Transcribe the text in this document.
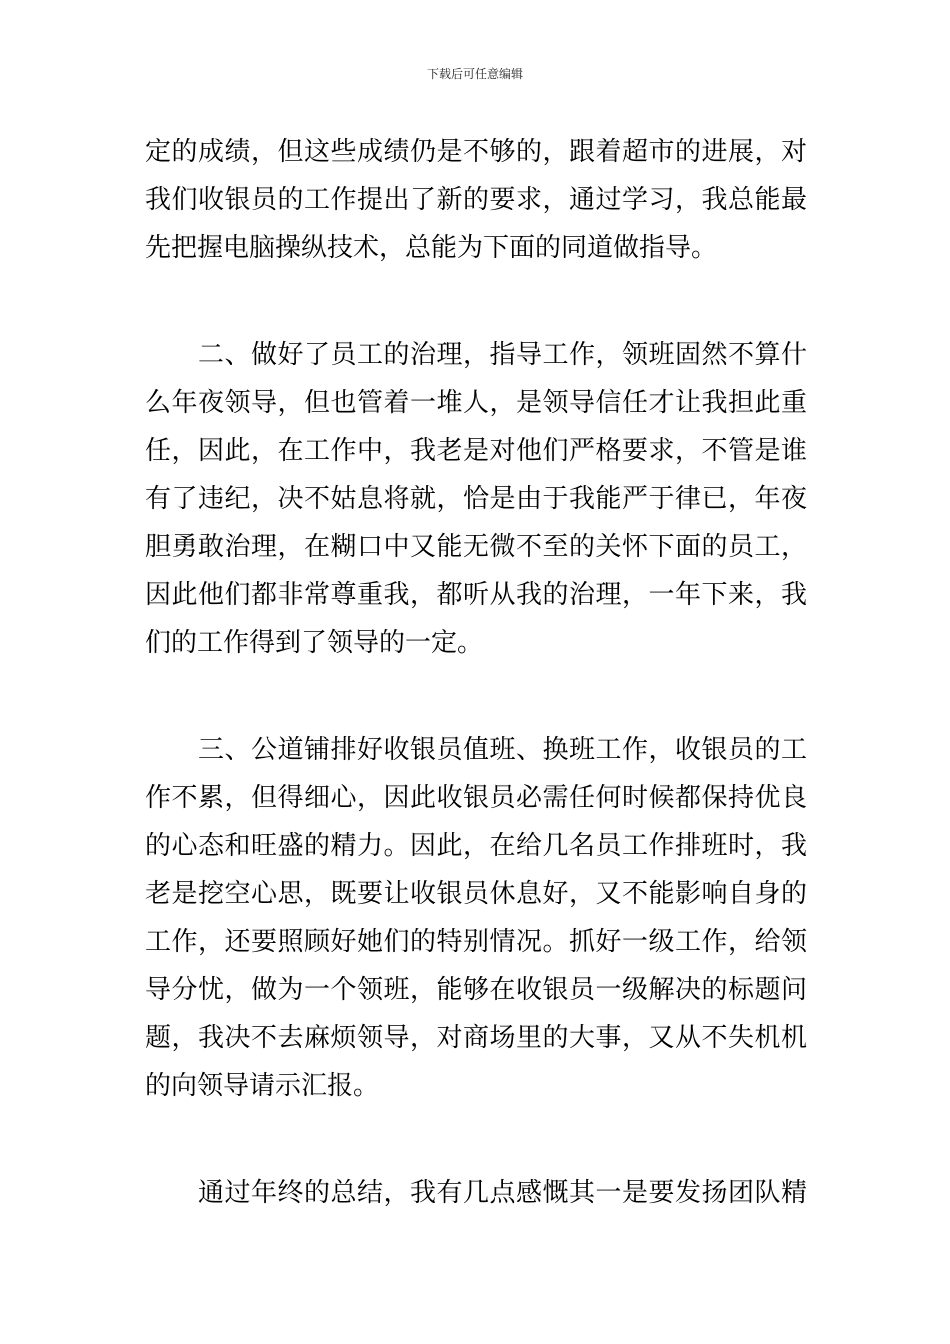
下载后可任意编辑
定的成绩，但这些成绩仍是不够的，跟着超市的进展，对
我们收银员的工作提出了新的要求，通过学习，我总能最
先把握电脑操纵技术，总能为下面的同道做指导。
二、做好了员工的治理，指导工作，领班固然不算什
么年夜领导，但也管着一堆人，是领导信任才让我担此重
任，因此，在工作中，我老是对他们严格要求，不管是谁
有了违纪，决不姑息将就，恰是由于我能严于律已，年夜
胆勇敢治理，在糊口中又能无微不至的关怀下面的员工，
因此他们都非常尊重我，都听从我的治理，一年下来，我
们的工作得到了领导的一定。
三、公道铺排好收银员值班、换班工作，收银员的工
作不累，但得细心，因此收银员必需任何时候都保持优良
的心态和旺盛的精力。因此，在给几名员工作排班时，我
老是挖空心思，既要让收银员休息好，又不能影响自身的
工作，还要照顾好她们的特别情况。抓好一级工作，给领
导分忧，做为一个领班，能够在收银员一级解决的标题问
题，我决不去麻烦领导，对商场里的大事，又从不失机机
的向领导请示汇报。
通过年终的总结，我有几点感慨其一是要发扬团队精
